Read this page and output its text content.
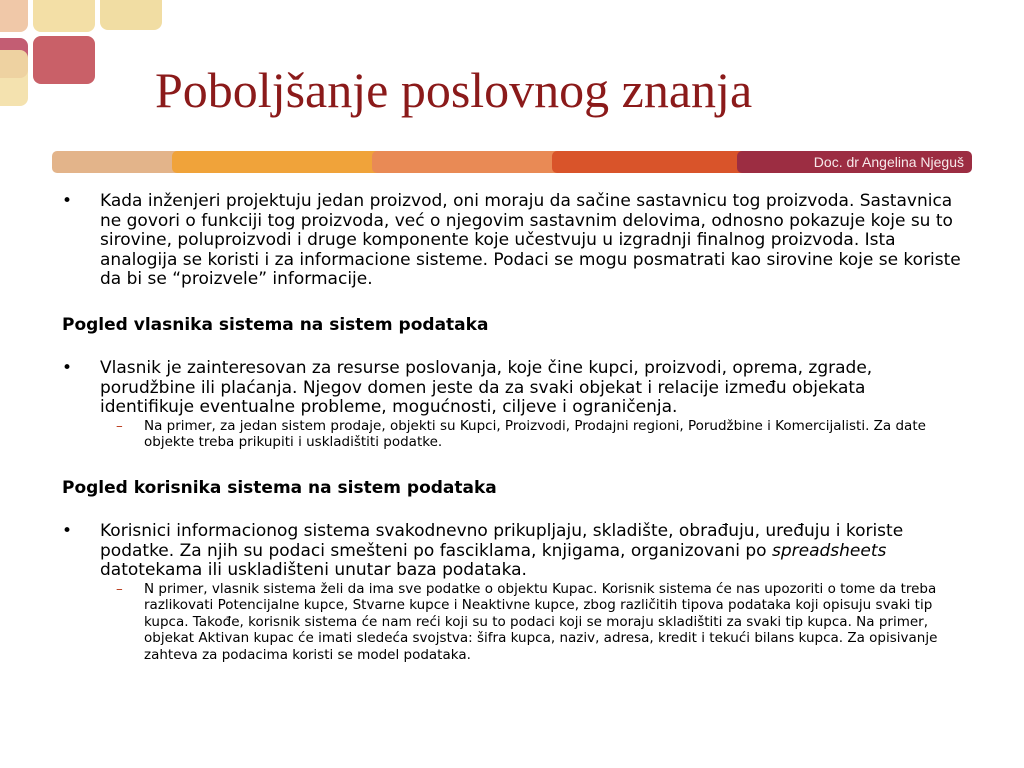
Poboljšanje poslovnog znanja
Doc. dr Angelina Njeguš

• Kada inženjeri projektuju jedan proizvod, oni moraju da sačine sastavnicu tog proizvoda. Sastavnica ne govori o funkciji tog proizvoda, već o njegovim sastavnim delovima, odnosno pokazuje koje su to sirovine, poluproizvodi i druge komponente koje učestvuju u izgradnji finalnog proizvoda. Ista analogija se koristi i za informacione sisteme. Podaci se mogu posmatrati kao sirovine koje se koriste da bi se “proizvele” informacije.

Pogled vlasnika sistema na sistem podataka

• Vlasnik je zainteresovan za resurse poslovanja, koje čine kupci, proizvodi, oprema, zgrade, porudžbine ili plaćanja. Njegov domen jeste da za svaki objekat i relacije između objekata identifikuje eventualne probleme, mogućnosti, ciljeve i ograničenja.

– Na primer, za jedan sistem prodaje, objekti su Kupci, Proizvodi, Prodajni regioni, Porudžbine i Komercijalisti. Za date objekte treba prikupiti i uskladištiti podatke.

Pogled korisnika sistema na sistem podataka

• Korisnici informacionog sistema svakodnevno prikupljaju, skladište, obrađuju, uređuju i koriste podatke. Za njih su podaci smešteni po fasciklama, knjigama, organizovani po spreadsheets datotekama ili uskladišteni unutar baza podataka.

– N primer, vlasnik sistema želi da ima sve podatke o objektu Kupac. Korisnik sistema će nas upozoriti o tome da treba razlikovati Potencijalne kupce, Stvarne kupce i Neaktivne kupce, zbog različitih tipova podataka koji opisuju svaki tip kupca. Takođe, korisnik sistema će nam reći koji su to podaci koji se moraju skladištiti za svaki tip kupca. Na primer, objekat Aktivan kupac će imati sledeća svojstva: šifra kupca, naziv, adresa, kredit i tekući bilans kupca. Za opisivanje zahteva za podacima koristi se model podataka.
